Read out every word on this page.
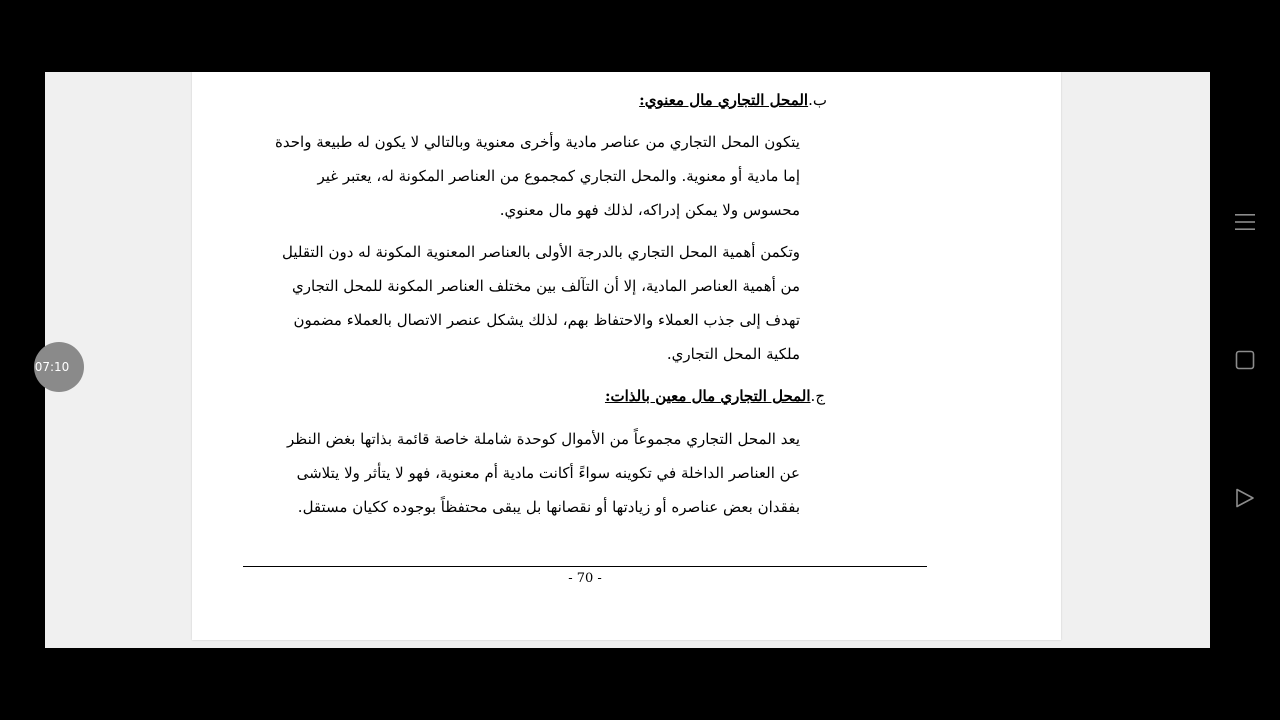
ب.المحل التجاري مال معنوي:
يتكون المحل التجاري من عناصر مادية وأخرى معنوية وبالتالي لا يكون له طبيعة واحدة
إما مادية أو معنوية. والمحل التجاري كمجموع من العناصر المكونة له، يعتبر غير
محسوس ولا يمكن إدراكه، لذلك فهو مال معنوي.
وتكمن أهمية المحل التجاري بالدرجة الأولى بالعناصر المعنوية المكونة له دون التقليل
من أهمية العناصر المادية، إلا أن التآلف بين مختلف العناصر المكونة للمحل التجاري
تهدف إلى جذب العملاء والاحتفاظ بهم، لذلك يشكل عنصر الاتصال بالعملاء مضمون
ملكية المحل التجاري.
ج.المحل التجاري مال معين بالذات:
يعد المحل التجاري مجموعاً من الأموال كوحدة شاملة خاصة قائمة بذاتها بغض النظر
عن العناصر الداخلة في تكوينه سواءً أكانت مادية أم معنوية، فهو لا يتأثر ولا يتلاشى
بفقدان بعض عناصره أو زيادتها أو نقصانها بل يبقى محتفظاً بوجوده ككيان مستقل.
- 70 -
07:10
